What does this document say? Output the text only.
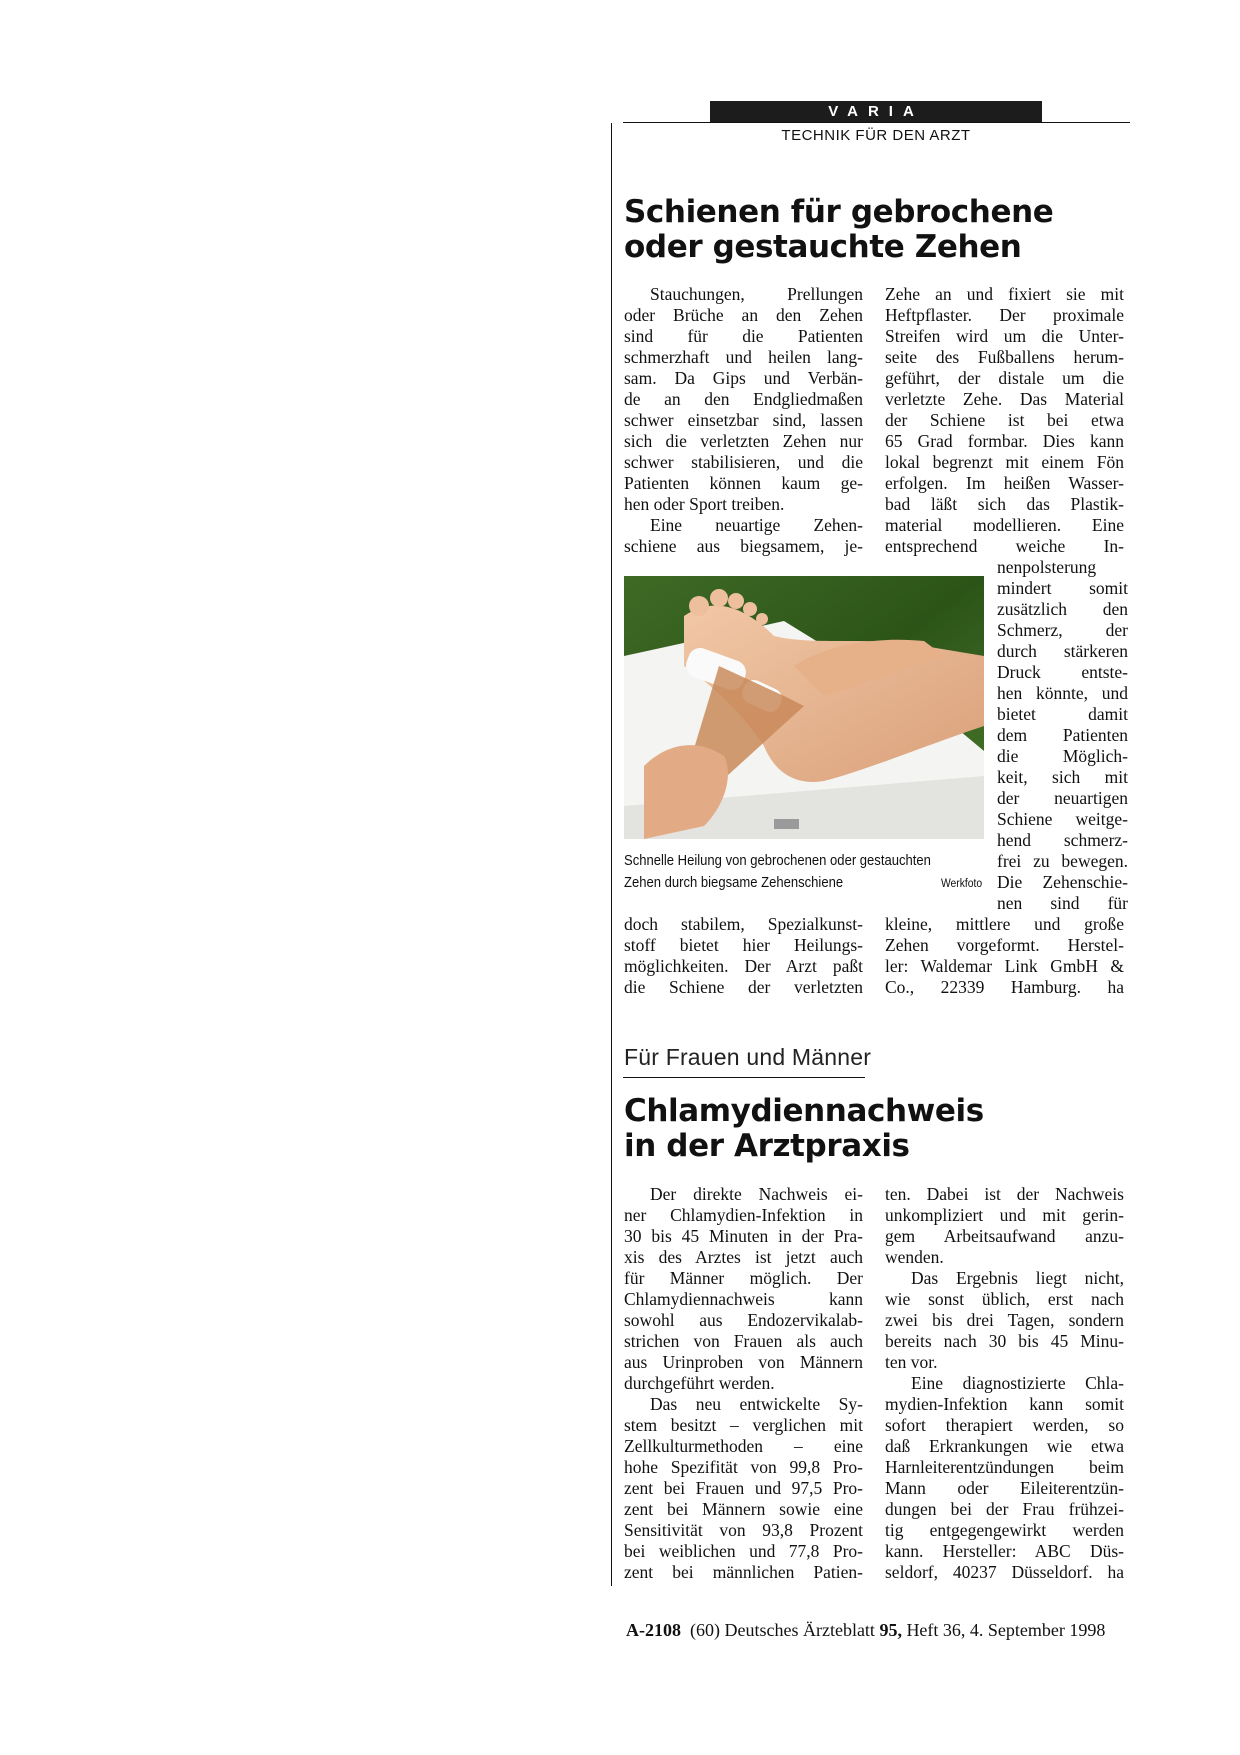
VARIA
TECHNIK FÜR DEN ARZT
Schienen für gebrochene
oder gestauchte Zehen
Stauchungen, Prellungen
oder Brüche an den Zehen
sind für die Patienten
schmerzhaft und heilen lang-
sam. Da Gips und Verbän-
de an den Endgliedmaßen
schwer einsetzbar sind, lassen
sich die verletzten Zehen nur
schwer stabilisieren, und die
Patienten können kaum ge-
hen oder Sport treiben.
Eine neuartige Zehen-
schiene aus biegsamem, je-
Zehe an und fixiert sie mit
Heftpflaster. Der proximale
Streifen wird um die Unter-
seite des Fußballens herum-
geführt, der distale um die
verletzte Zehe. Das Material
der Schiene ist bei etwa
65 Grad formbar. Dies kann
lokal begrenzt mit einem Fön
erfolgen. Im heißen Wasser-
bad läßt sich das Plastik-
material modellieren. Eine
entsprechend weiche In-
Schnelle Heilung von gebrochenen oder gestauchten
Zehen durch biegsame Zehenschiene	Werkfoto
nenpolsterung
mindert somit
zusätzlich den
Schmerz, der
durch stärkeren
Druck entste-
hen könnte, und
bietet damit
dem Patienten
die Möglich-
keit, sich mit
der neuartigen
Schiene weitge-
hend schmerz-
frei zu bewegen.
Die Zehenschie-
nen sind für
doch stabilem, Spezialkunst-
stoff bietet hier Heilungs-
möglichkeiten. Der Arzt paßt
die Schiene der verletzten
kleine, mittlere und große
Zehen vorgeformt. Herstel-
ler: Waldemar Link GmbH &
Co., 22339 Hamburg. ha
Für Frauen und Männer
Chlamydiennachweis
in der Arztpraxis
Der direkte Nachweis ei-
ner Chlamydien-Infektion in
30 bis 45 Minuten in der Pra-
xis des Arztes ist jetzt auch
für Männer möglich. Der
Chlamydiennachweis kann
sowohl aus Endozervikalab-
strichen von Frauen als auch
aus Urinproben von Männern
durchgeführt werden.
Das neu entwickelte Sy-
stem besitzt – verglichen mit
Zellkulturmethoden – eine
hohe Spezifität von 99,8 Pro-
zent bei Frauen und 97,5 Pro-
zent bei Männern sowie eine
Sensitivität von 93,8 Prozent
bei weiblichen und 77,8 Pro-
zent bei männlichen Patien-
ten. Dabei ist der Nachweis
unkompliziert und mit gerin-
gem Arbeitsaufwand anzu-
wenden.
Das Ergebnis liegt nicht,
wie sonst üblich, erst nach
zwei bis drei Tagen, sondern
bereits nach 30 bis 45 Minu-
ten vor.
Eine diagnostizierte Chla-
mydien-Infektion kann somit
sofort therapiert werden, so
daß Erkrankungen wie etwa
Harnleiterentzündungen beim
Mann oder Eileiterentzün-
dungen bei der Frau frühzei-
tig entgegengewirkt werden
kann. Hersteller: ABC Düs-
seldorf, 40237 Düsseldorf. ha
A-2108 (60) Deutsches Ärzteblatt 95, Heft 36, 4. September 1998
